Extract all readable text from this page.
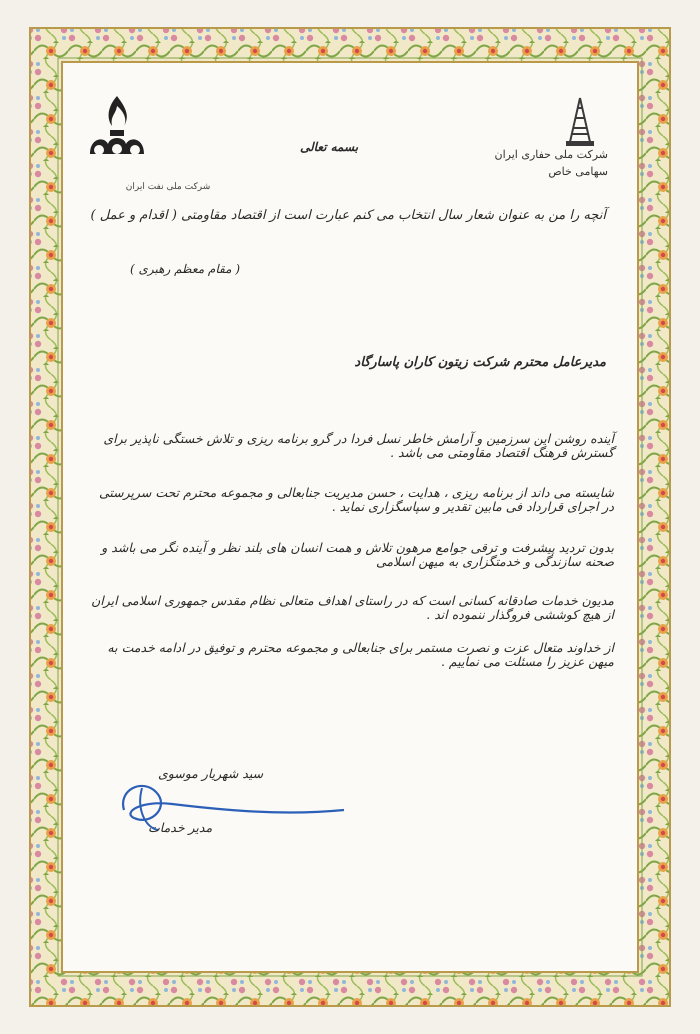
شرکت ملی حفاری ایران
سهامی خاص
شرکت ملی نفت ایران
بسمه تعالی
آنچه را من به عنوان شعار سال انتخاب می کنم عبارت است از اقتصاد مقاومتی ( اقدام و عمل )
( مقام معظم رهبری )
مدیرعامل محترم شرکت زیتون کاران پاسارگاد
آینده روشن این سرزمین و آرامش خاطر نسل فردا در گرو برنامه ریزی و تلاش خستگی ناپذیر برای گسترش فرهنگ اقتصاد مقاومتی می باشد .
شایسته می داند از برنامه ریزی ، هدایت ، حسن مدیریت جنابعالی و مجموعه محترم تحت سرپرستی در اجرای قرارداد فی مابین تقدیر و سپاسگزاری نماید .
بدون تردید پیشرفت و ترقی جوامع مرهون تلاش و همت انسان های بلند نظر و آینده نگر می باشد و صحنه سازندگی و خدمتگزاری به میهن اسلامی
مدیون خدمات صادقانه کسانی است که در راستای اهداف متعالی نظام مقدس جمهوری اسلامی ایران از هیچ کوششی فروگذار ننموده اند .
از خداوند متعال عزت و نصرت مستمر برای جنابعالی و مجموعه محترم و توفیق در ادامه خدمت به میهن عزیز را مسئلت می نماییم .
سید شهریار موسوی
مدیر خدمات
